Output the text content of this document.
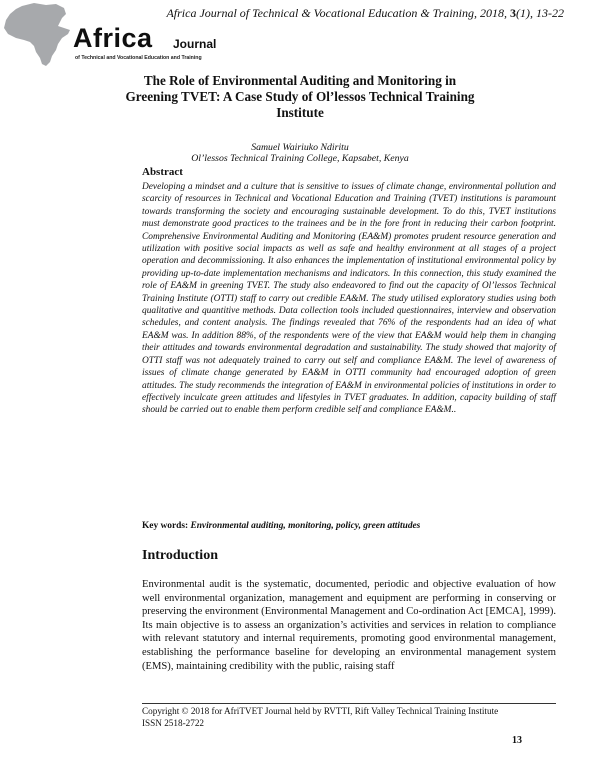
Africa Journal of Technical & Vocational Education & Training, 2018, 3(1), 13-22
Africa Journal
of Technical and Vocational Education and Training
The Role of Environmental Auditing and Monitoring in Greening TVET: A Case Study of Ol’lessos Technical Training Institute
Samuel Wairiuko Ndiritu
Ol’lessos Technical Training College, Kapsabet, Kenya
Abstract
Developing a mindset and a culture that is sensitive to issues of climate change, environmental pollution and scarcity of resources in Technical and Vocational Education and Training (TVET) institutions is paramount towards transforming the society and encouraging sustainable development. To do this, TVET institutions must demonstrate good practices to the trainees and be in the fore front in reducing their carbon footprint. Comprehensive Environmental Auditing and Monitoring (EA&M) promotes prudent resource generation and utilization with positive social impacts as well as safe and healthy environment at all stages of a project operation and decommissioning. It also enhances the implementation of institutional environmental policy by providing up-to-date implementation mechanisms and indicators. In this connection, this study examined the role of EA&M in greening TVET. The study also endeavored to find out the capacity of Ol’lessos Technical Training Institute (OTTI) staff to carry out credible EA&M. The study utilised exploratory studies using both qualitative and quantitive methods. Data collection tools included questionnaires, interview and observation schedules, and content analysis. The findings revealed that 76% of the respondents had an idea of what EA&M was. In addition 88%, of the respondents were of the view that EA&M would help them in changing their attitudes and towards environmental degradation and sustainability. The study showed that majority of OTTI staff was not adequately trained to carry out self and compliance EA&M. The level of awareness of issues of climate change generated by EA&M in OTTI community had encouraged adoption of green attitudes. The study recommends the integration of EA&M in environmental policies of institutions in order to effectively inculcate green attitudes and lifestyles in TVET graduates. In addition, capacity building of staff should be carried out to enable them perform credible self and compliance EA&M..
Key words: Environmental auditing, monitoring, policy, green attitudes
Introduction
Environmental audit is the systematic, documented, periodic and objective evaluation of how well environmental organization, management and equipment are performing in conserving or preserving the environment (Environmental Management and Co-ordination Act [EMCA], 1999). Its main objective is to assess an organization’s activities and services in relation to compliance with relevant statutory and internal requirements, promoting good environmental management, establishing the performance baseline for developing an environmental management system (EMS), maintaining credibility with the public, raising staff
Copyright © 2018 for AfriTVET Journal held by RVTTI, Rift Valley Technical Training Institute
ISSN 2518-2722
13
